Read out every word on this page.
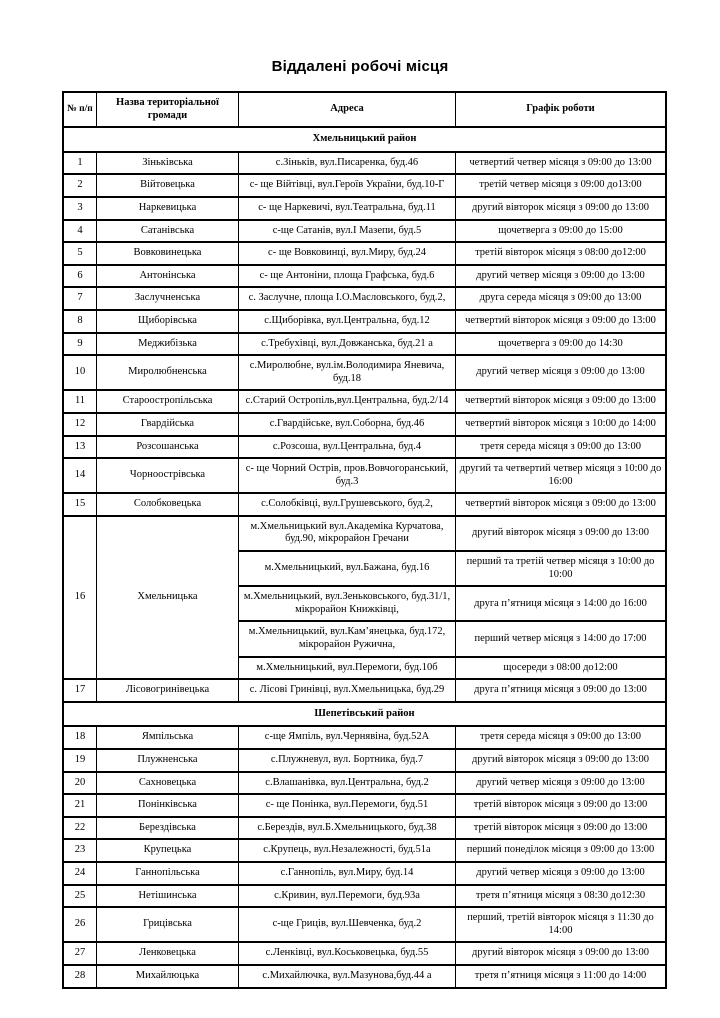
Віддалені робочі місця
№ п/п	Назва територіальної громади	Адреса	Графік роботи
Хмельницький район			
1	Зіньківська	с.Зіньків, вул.Писаренка, буд.46	четвертий четвер місяця з 09:00 до 13:00
2	Війтовецька	с- ще Війтівці, вул.Героїв України, буд.10-Г	третій четвер місяця з 09:00 до13:00
3	Наркевицька	с- ще Наркевичі, вул.Театральна, буд.11	другий вівторок місяця з 09:00 до 13:00
4	Сатанівська	с-ще Сатанів, вул.І Мазепи, буд.5	щочетверга з 09:00 до 15:00
5	Вовковинецька	с- ще Вовковинці, вул.Миру, буд.24	третій вівторок місяця з 08:00 до12:00
6	Антонінська	с- ще Антоніни, площа Графська, буд.6	другий четвер місяця з 09:00 до 13:00
7	Заслучненська	с. Заслучне, площа І.О.Масловського, буд.2,	друга середа місяця з 09:00 до 13:00
8	Щиборівська	с.Щиборівка, вул.Центральна, буд.12	четвертий вівторок місяця з 09:00 до 13:00
9	Меджибізька	с.Требухівці, вул.Довжанська, буд.21 а	щочетверга з 09:00 до 14:30
10	Миролюбненська	с.Миролюбне, вул.ім.Володимира Яневича, буд.18	другий четвер місяця з 09:00 до 13:00
11	Староостропільська	с.Старий Остропіль,вул.Центральна, буд.2/14	четвертий вівторок місяця з 09:00 до 13:00
12	Гвардійська	с.Гвардійське, вул.Соборна, буд.46	четвертий вівторок місяця з 10:00 до 14:00
13	Розсошанська	с.Розсоша, вул.Центральна, буд.4	третя середа місяця з 09:00 до 13:00
14	Чорноострівська	с- ще Чорний Острів, пров.Вовчогоранський, буд.3	другий та четвертий четвер місяця з 10:00 до 16:00
15	Солобковецька	с.Солобківці, вул.Грушевського, буд.2,	четвертий вівторок місяця з 09:00 до 13:00
16	Хмельницька	м.Хмельницький вул.Академіка Курчатова, буд.90, мікрорайон Гречани	другий вівторок місяця з 09:00 до 13:00
		м.Хмельницький, вул.Бажана, буд.16	перший та третій четвер місяця з 10:00 до 10:00
		м.Хмельницький, вул.Зеньковського, буд.31/1, мікрорайон Книжківці,	друга п’ятниця місяця з 14:00 до 16:00
		м.Хмельницький, вул.Кам’янецька, буд.172, мікрорайон Ружична,	перший четвер місяця з 14:00 до 17:00
		м.Хмельницький, вул.Перемоги, буд.10б	щосереди з 08:00 до12:00
17	Лісовогринівецька	с. Лісові Гринівці, вул.Хмельницька, буд.29	друга п’ятниця місяця з 09:00 до 13:00
Шепетівський район			
18	Ямпільська	с-ще Ямпіль, вул.Чернявіна, буд.52А	третя середа місяця з 09:00 до 13:00
19	Плужненська	с.Плужневул, вул. Бортника, буд.7	другий вівторок місяця з 09:00 до 13:00
20	Сахновецька	с.Влашанівка, вул.Центральна, буд.2	другий четвер місяця з 09:00 до 13:00
21	Понінківська	с- ще Понінка, вул.Перемоги, буд.51	третій вівторок місяця з 09:00 до 13:00
22	Берездівська	с.Берездів, вул.Б.Хмельницького, буд.38	третій вівторок місяця з 09:00 до 13:00
23	Крупецька	с.Крупець, вул.Незалежності, буд.51а	перший понеділок місяця з 09:00 до 13:00
24	Ганнопільська	с.Ганнопіль, вул.Миру, буд.14	другий четвер місяця з 09:00 до 13:00
25	Нетішинська	с.Кривин, вул.Перемоги, буд.93а	третя п’ятниця місяця з 08:30 до12:30
26	Грицівська	с-ще Гриців, вул.Шевченка, буд.2	перший, третій вівторок місяця з 11:30 до 14:00
27	Ленковецька	с.Ленківці, вул.Коськовецька, буд.55	другий вівторок місяця з 09:00 до 13:00
28	Михайлюцька	с.Михайлючка, вул.Мазунова,буд.44 а	третя п’ятниця місяця з 11:00 до 14:00
